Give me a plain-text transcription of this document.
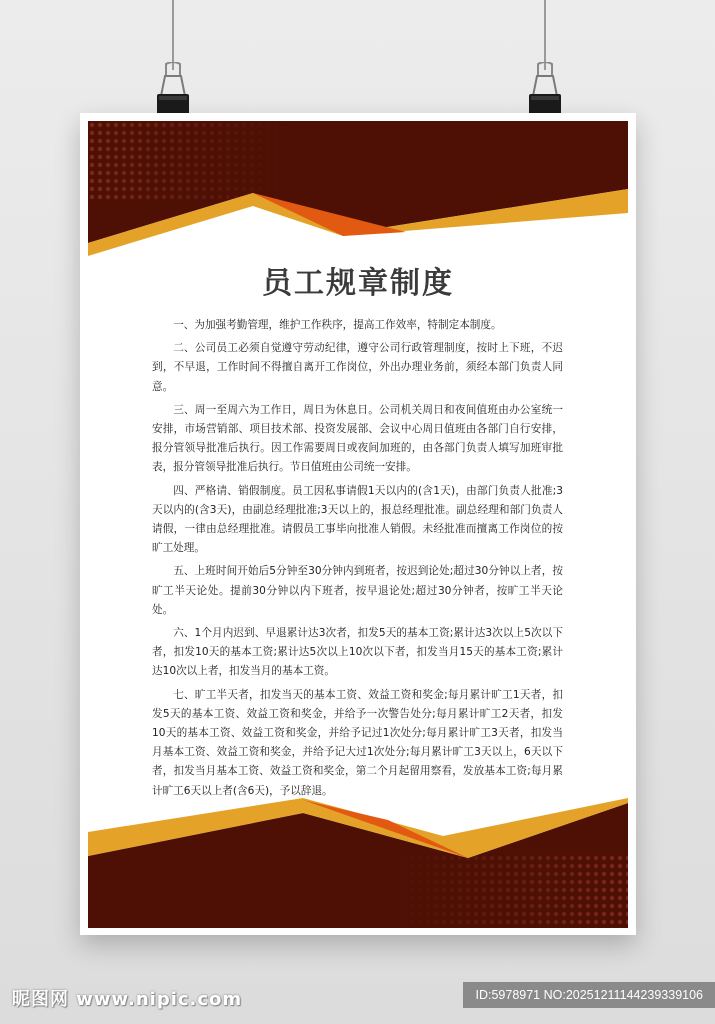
员工规章制度

一、为加强考勤管理，维护工作秩序，提高工作效率，特制定本制度。

二、公司员工必须自觉遵守劳动纪律，遵守公司行政管理制度，按时上下班，不迟到，不早退，工作时间不得擅自离开工作岗位，外出办理业务前，须经本部门负责人同意。

三、周一至周六为工作日，周日为休息日。公司机关周日和夜间值班由办公室统一安排，市场营销部、项目技术部、投资发展部、会议中心周日值班由各部门自行安排，报分管领导批准后执行。因工作需要周日或夜间加班的，由各部门负责人填写加班审批表，报分管领导批准后执行。节日值班由公司统一安排。

四、严格请、销假制度。员工因私事请假1天以内的(含1天)，由部门负责人批准;3天以内的(含3天)，由副总经理批准;3天以上的，报总经理批准。副总经理和部门负责人请假，一律由总经理批准。请假员工事毕向批准人销假。未经批准而擅离工作岗位的按旷工处理。

五、上班时间开始后5分钟至30分钟内到班者，按迟到论处;超过30分钟以上者，按旷工半天论处。提前30分钟以内下班者，按早退论处;超过30分钟者，按旷工半天论处。

六、1个月内迟到、早退累计达3次者，扣发5天的基本工资;累计达3次以上5次以下者，扣发10天的基本工资;累计达5次以上10次以下者，扣发当月15天的基本工资;累计达10次以上者，扣发当月的基本工资。

七、旷工半天者，扣发当天的基本工资、效益工资和奖金;每月累计旷工1天者，扣发5天的基本工资、效益工资和奖金，并给予一次警告处分;每月累计旷工2天者，扣发10天的基本工资、效益工资和奖金，并给予记过1次处分;每月累计旷工3天者，扣发当月基本工资、效益工资和奖金，并给予记大过1次处分;每月累计旷工3天以上，6天以下者，扣发当月基本工资、效益工资和奖金，第二个月起留用察看，发放基本工资;每月累计旷工6天以上者(含6天)，予以辞退。

昵图网 www.nipic.com	ID:5978971 NO:20251211144239339106
